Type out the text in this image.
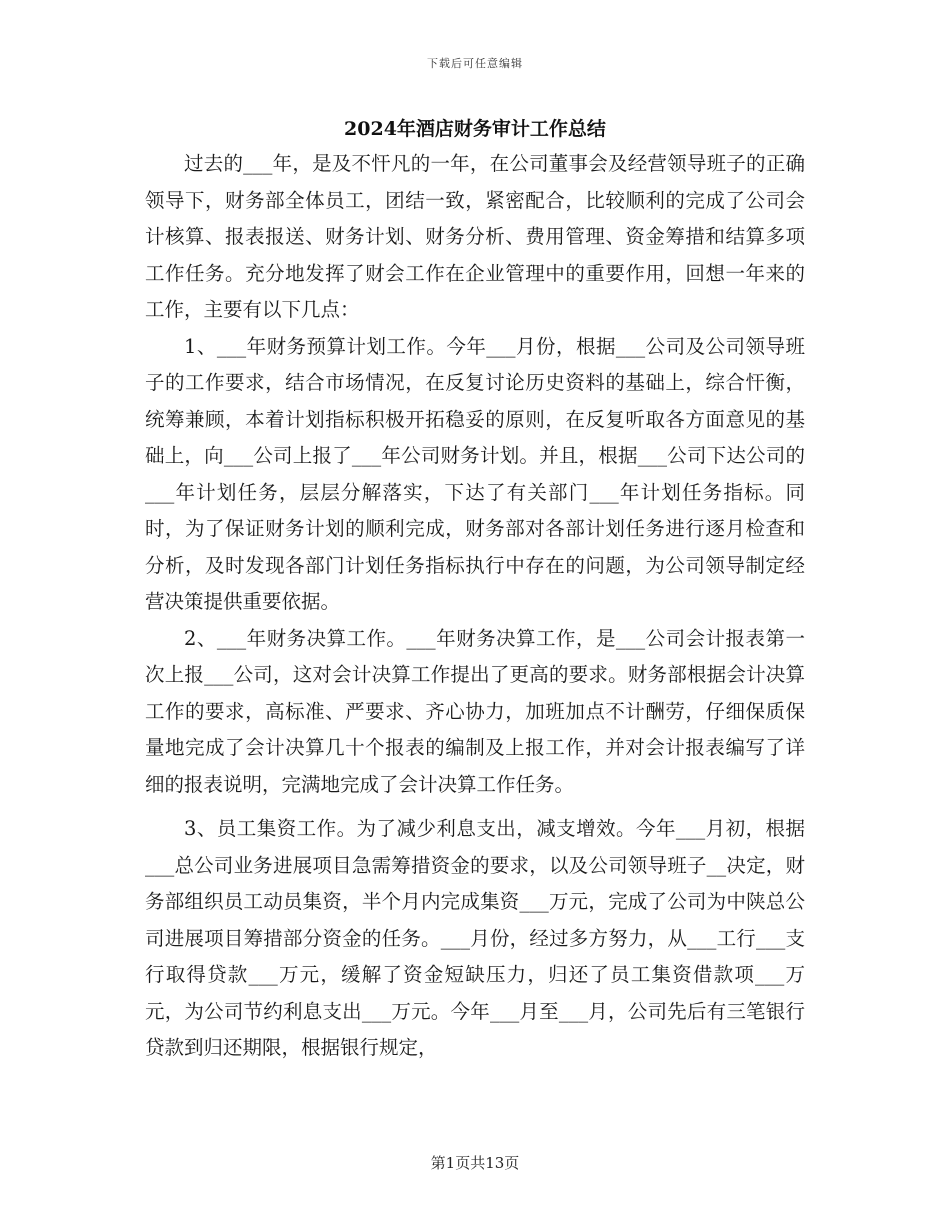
下载后可任意编辑
2024年酒店财务审计工作总结

过去的___年，是及不忓凡的一年，在公司董事会及经营领导班子的正确领导下，财务部全体员工，团结一致，紧密配合，比较顺利的完成了公司会计核算、报表报送、财务计划、财务分析、费用管理、资金筹措和结算多项工作任务。充分地发挥了财会工作在企业管理中的重要作用，回想一年来的工作，主要有以下几点：

1、___年财务预算计划工作。今年___月份，根据___公司及公司领导班子的工作要求，结合市场情况，在反复讨论历史资料的基础上，综合忓衡，统筹兼顾，本着计划指标积极开拓稳妥的原则，在反复听取各方面意见的基础上，向___公司上报了___年公司财务计划。并且，根据___公司下达公司的___年计划任务，层层分解落实，下达了有关部门___年计划任务指标。同时，为了保证财务计划的顺利完成，财务部对各部计划任务进行逐月检查和分析，及时发现各部门计划任务指标执行中存在的问题，为公司领导制定经营决策提供重要依据。

2、___年财务决算工作。___年财务决算工作，是___公司会计报表第一次上报___公司，这对会计决算工作提出了更高的要求。财务部根据会计决算工作的要求，高标准、严要求、齐心协力，加班加点不计酬劳，仔细保质保量地完成了会计决算几十个报表的编制及上报工作，并对会计报表编写了详细的报表说明，完满地完成了会计决算工作任务。

3、员工集资工作。为了减少利息支出，减支增效。今年___月初，根据___总公司业务进展项目急需筹措资金的要求，以及公司领导班子__决定，财务部组织员工动员集资，半个月内完成集资___万元，完成了公司为中陕总公司进展项目筹措部分资金的任务。___月份，经过多方努力，从___工行___支行取得贷款___万元，缓解了资金短缺压力，归还了员工集资借款项___万元，为公司节约利息支出___万元。今年___月至___月，公司先后有三笔银行贷款到归还期限，根据银行规定，

第1页共13页
